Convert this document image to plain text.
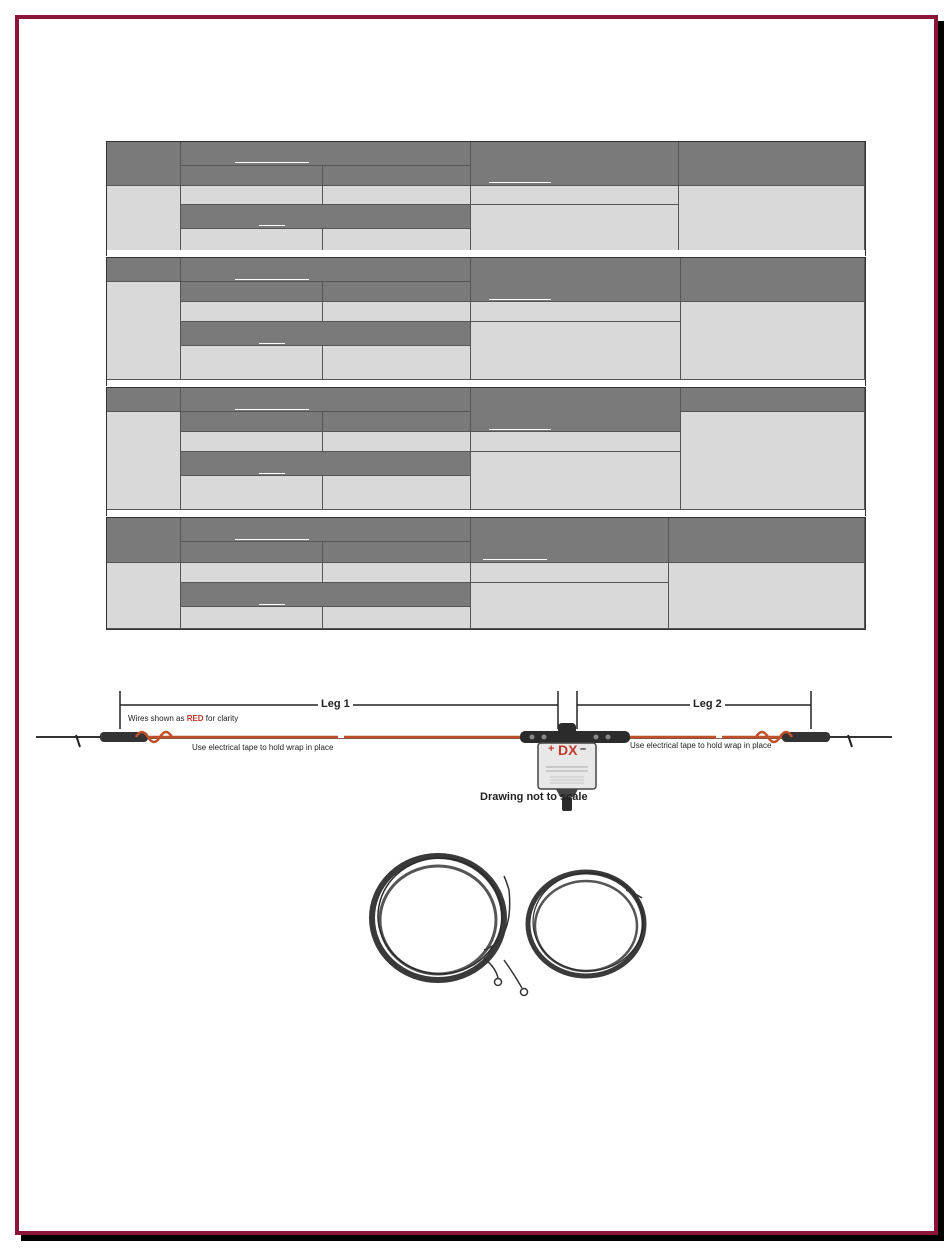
Leg 1	Leg 2
Wires shown as RED for clarity
Use electrical tape to hold wrap in place	Use electrical tape to hold wrap in place
+ DX –
Drawing not to scale
